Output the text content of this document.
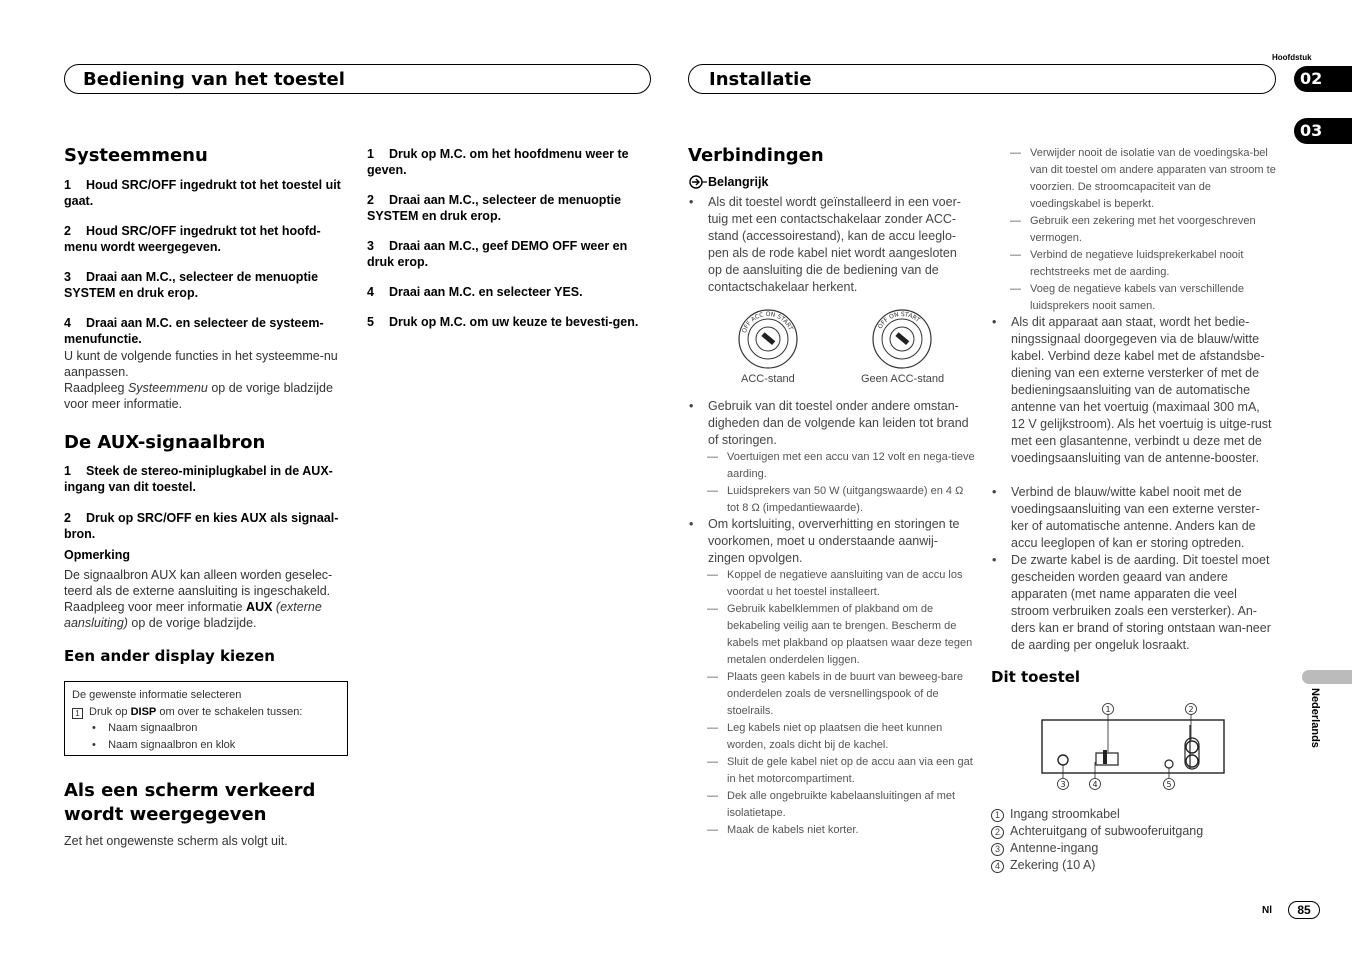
Bediening van het toestel	Installatie
Hoofdstuk
02
03
Nederlands
Systeemmenu
1 Houd SRC/OFF ingedrukt tot het toestel uit gaat.
2 Houd SRC/OFF ingedrukt tot het hoofd-menu wordt weergegeven.
3 Draai aan M.C., selecteer de menuoptie SYSTEM en druk erop.
4 Draai aan M.C. en selecteer de systeem-menufunctie.
U kunt de volgende functies in het systeemme-nu aanpassen.
Raadpleeg Systeemmenu op de vorige bladzijde voor meer informatie.
De AUX-signaalbron
1 Steek de stereo-miniplugkabel in de AUX-ingang van dit toestel.
2 Druk op SRC/OFF en kies AUX als signaal-bron.
Opmerking
De signaalbron AUX kan alleen worden geselec-teerd als de externe aansluiting is ingeschakeld.
Raadpleeg voor meer informatie AUX (externe aansluiting) op de vorige bladzijde.
Een ander display kiezen
De gewenste informatie selecteren
1 Druk op DISP om over te schakelen tussen:
•    Naam signaalbron
•    Naam signaalbron en klok
Als een scherm verkeerd
wordt weergegeven
Zet het ongewenste scherm als volgt uit.
1 Druk op M.C. om het hoofdmenu weer te geven.
2 Draai aan M.C., selecteer de menuoptie SYSTEM en druk erop.
3 Draai aan M.C., geef DEMO OFF weer en druk erop.
4 Draai aan M.C. en selecteer YES.
5 Druk op M.C. om uw keuze te bevesti-gen.
Verbindingen
Belangrijk
• Als dit toestel wordt geïnstalleerd in een voer-tuig met een contactschakelaar zonder ACC-stand (accessoirestand), kan de accu leeglo-pen als de rode kabel niet wordt aangesloten op de aansluiting die de bediening van de contactschakelaar herkent.
OFF ACC ON START	OFF ON START
ACC-stand	Geen ACC-stand
• Gebruik van dit toestel onder andere omstan-digheden dan de volgende kan leiden tot brand of storingen.
— Voertuigen met een accu van 12 volt en nega-tieve aarding.
— Luidsprekers van 50 W (uitgangswaarde) en 4 Ω tot 8 Ω (impedantiewaarde).
• Om kortsluiting, oververhitting en storingen te voorkomen, moet u onderstaande aanwij-zingen opvolgen.
— Koppel de negatieve aansluiting van de accu los voordat u het toestel installeert.
— Gebruik kabelklemmen of plakband om de bekabeling veilig aan te brengen. Bescherm de kabels met plakband op plaatsen waar deze tegen metalen onderdelen liggen.
— Plaats geen kabels in de buurt van beweeg-bare onderdelen zoals de versnellingspook of de stoelrails.
— Leg kabels niet op plaatsen die heet kunnen worden, zoals dicht bij de kachel.
— Sluit de gele kabel niet op de accu aan via een gat in het motorcompartiment.
— Dek alle ongebruikte kabelaansluitingen af met isolatietape.
— Maak de kabels niet korter.
— Verwijder nooit de isolatie van de voedingska-bel van dit toestel om andere apparaten van stroom te voorzien. De stroomcapaciteit van de voedingskabel is beperkt.
— Gebruik een zekering met het voorgeschreven vermogen.
— Verbind de negatieve luidsprekerkabel nooit rechtstreeks met de aarding.
— Voeg de negatieve kabels van verschillende luidsprekers nooit samen.
• Als dit apparaat aan staat, wordt het bedie-ningssignaal doorgegeven via de blauw/witte kabel. Verbind deze kabel met de afstandsbe-diening van een externe versterker of met de bedieningsaansluiting van de automatische antenne van het voertuig (maximaal 300 mA, 12 V gelijkstroom). Als het voertuig is uitge-rust met een glasantenne, verbindt u deze met de voedingsaansluiting van de antenne-booster.
• Verbind de blauw/witte kabel nooit met de voedingsaansluiting van een externe verster-ker of automatische antenne. Anders kan de accu leeglopen of kan er storing optreden.
• De zwarte kabel is de aarding. Dit toestel moet gescheiden worden geaard van andere apparaten (met name apparaten die veel stroom verbruiken zoals een versterker). An-ders kan er brand of storing ontstaan wan-neer de aarding per ongeluk losraakt.
Dit toestel
1	2
3	4	5
1 Ingang stroomkabel
2 Achteruitgang of subwooferuitgang
3 Antenne-ingang
4 Zekering (10 A)
Nl	85
